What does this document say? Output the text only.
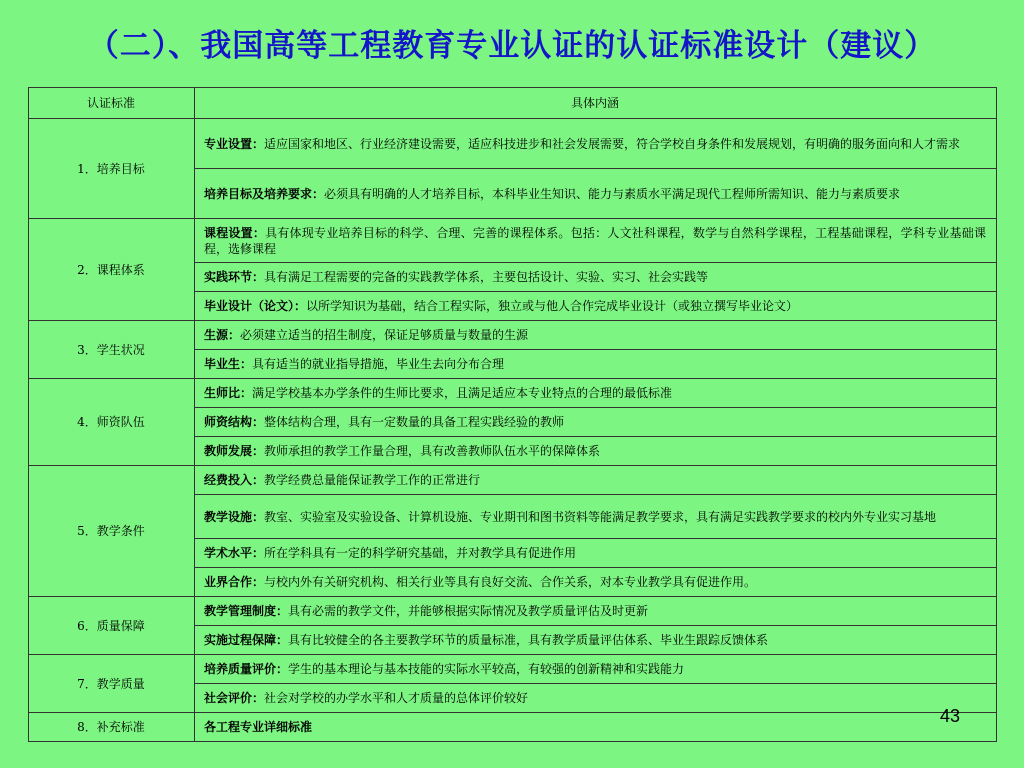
（二）、我国高等工程教育专业认证的认证标准设计（建议）
认证标准	具体内涵
1．培养目标	专业设置：适应国家和地区、行业经济建设需要，适应科技进步和社会发展需要，符合学校自身条件和发展规划，有明确的服务面向和人才需求
	培养目标及培养要求：必须具有明确的人才培养目标，本科毕业生知识、能力与素质水平满足现代工程师所需知识、能力与素质要求
2．课程体系	课程设置：具有体现专业培养目标的科学、合理、完善的课程体系。包括：人文社科课程，数学与自然科学课程，工程基础课程，学科专业基础课程，选修课程
	实践环节：具有满足工程需要的完备的实践教学体系，主要包括设计、实验、实习、社会实践等
	毕业设计（论文）：以所学知识为基础，结合工程实际，独立或与他人合作完成毕业设计（或独立撰写毕业论文）
3．学生状况	生源：必须建立适当的招生制度，保证足够质量与数量的生源
	毕业生：具有适当的就业指导措施，毕业生去向分布合理
4．师资队伍	生师比：满足学校基本办学条件的生师比要求，且满足适应本专业特点的合理的最低标准
	师资结构：整体结构合理，具有一定数量的具备工程实践经验的教师
	教师发展：教师承担的教学工作量合理，具有改善教师队伍水平的保障体系
5．教学条件	经费投入：教学经费总量能保证教学工作的正常进行
	教学设施：教室、实验室及实验设备、计算机设施、专业期刊和图书资料等能满足教学要求，具有满足实践教学要求的校内外专业实习基地
	学术水平：所在学科具有一定的科学研究基础，并对教学具有促进作用
	业界合作：与校内外有关研究机构、相关行业等具有良好交流、合作关系，对本专业教学具有促进作用。
6．质量保障	教学管理制度：具有必需的教学文件，并能够根据实际情况及教学质量评估及时更新
	实施过程保障：具有比较健全的各主要教学环节的质量标准，具有教学质量评估体系、毕业生跟踪反馈体系
7．教学质量	培养质量评价：学生的基本理论与基本技能的实际水平较高，有较强的创新精神和实践能力
	社会评价：社会对学校的办学水平和人才质量的总体评价较好
8．补充标准	各工程专业详细标准
43
